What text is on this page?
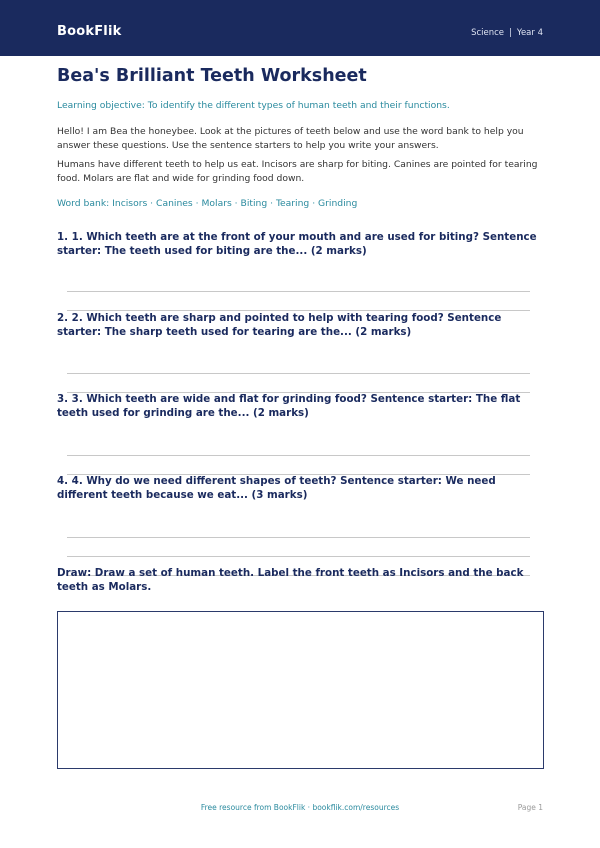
BookFlik	Science | Year 4
Bea's Brilliant Teeth Worksheet
Learning objective: To identify the different types of human teeth and their functions.
Hello! I am Bea the honeybee. Look at the pictures of teeth below and use the word bank to help you answer these questions. Use the sentence starters to help you write your answers.
Humans have different teeth to help us eat. Incisors are sharp for biting. Canines are pointed for tearing food. Molars are flat and wide for grinding food down.
Word bank: Incisors · Canines · Molars · Biting · Tearing · Grinding
1. 1. Which teeth are at the front of your mouth and are used for biting? Sentence starter: The teeth used for biting are the... (2 marks)
2. 2. Which teeth are sharp and pointed to help with tearing food? Sentence starter: The sharp teeth used for tearing are the... (2 marks)
3. 3. Which teeth are wide and flat for grinding food? Sentence starter: The flat teeth used for grinding are the... (2 marks)
4. 4. Why do we need different shapes of teeth? Sentence starter: We need different teeth because we eat... (3 marks)
Draw: Draw a set of human teeth. Label the front teeth as Incisors and the back teeth as Molars.
Free resource from BookFlik · bookflik.com/resources	Page 1
